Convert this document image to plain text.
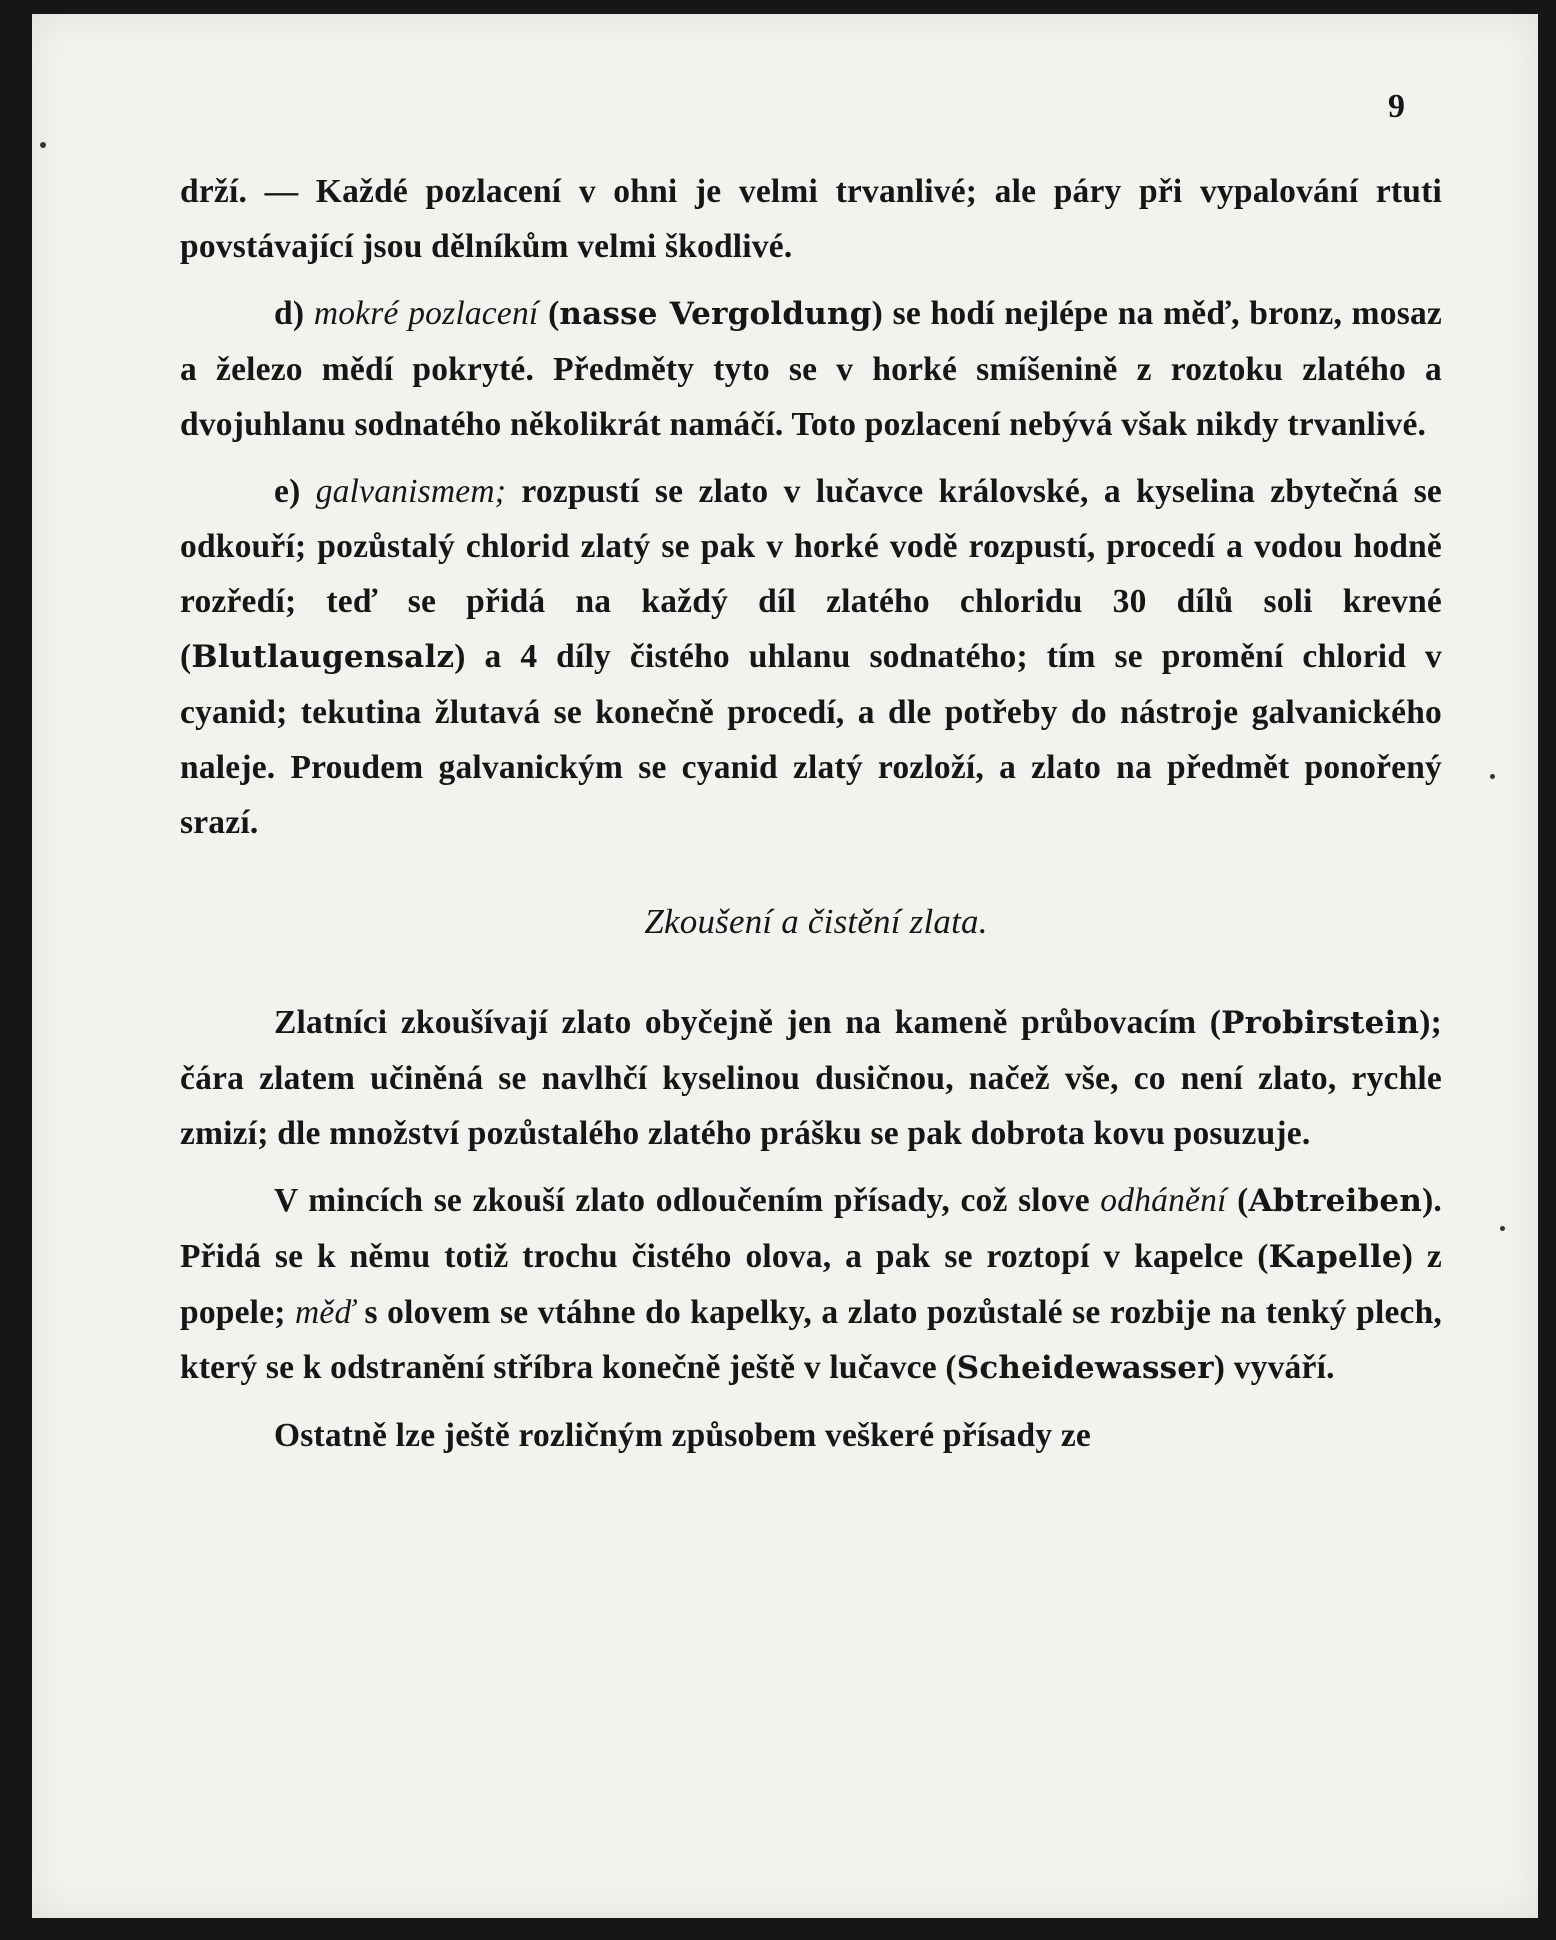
9

drží. — Každé pozlacení v ohni je velmi trvanlivé; ale páry při vypalování rtuti povstávající jsou dělníkům velmi škodlivé.

d) mokré pozlacení (nasse Vergoldung) se hodí nejlépe na měď, bronz, mosaz a železo mědí pokryté. Předměty tyto se v horké smíšenině z roztoku zlatého a dvojuhlanu sodnatého několikrát namáčí. Toto pozlacení nebývá však nikdy trvanlivé.

e) galvanismem; rozpustí se zlato v lučavce královské, a kyselina zbytečná se odkouří; pozůstalý chlorid zlatý se pak v horké vodě rozpustí, procedí a vodou hodně rozředí; teď se přidá na každý díl zlatého chloridu 30 dílů soli krevné (Blutlaugensalz) a 4 díly čistého uhlanu sodnatého; tím se promění chlorid v cyanid; tekutina žlutavá se konečně procedí, a dle potřeby do nástroje galvanického naleje. Proudem galvanickým se cyanid zlatý rozloží, a zlato na předmět ponořený srazí.

Zkoušení a čistění zlata.

Zlatníci zkoušívají zlato obyčejně jen na kameně průbovacím (Probirstein); čára zlatem učiněná se navlhčí kyselinou dusičnou, načež vše, co není zlato, rychle zmizí; dle množství pozůstalého zlatého prášku se pak dobrota kovu posuzuje.

V mincích se zkouší zlato odloučením přísady, což slove odhánění (Abtreiben). Přidá se k němu totiž trochu čistého olova, a pak se roztopí v kapelce (Kapelle) z popele; měď s olovem se vtáhne do kapelky, a zlato pozůstalé se rozbije na tenký plech, který se k odstranění stříbra konečně ještě v lučavce (Scheidewasser) vyváří.

Ostatně lze ještě rozličným způsobem veškeré přísady ze
